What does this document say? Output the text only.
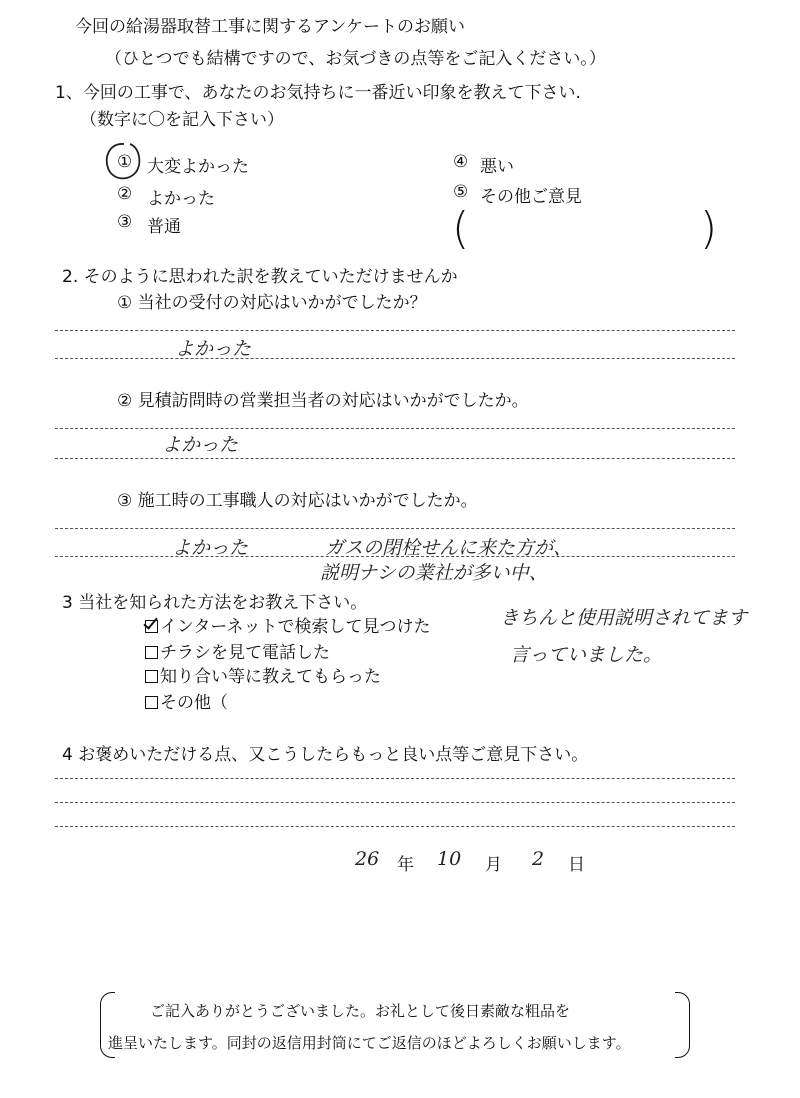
今回の給湯器取替工事に関するアンケートのお願い
（ひとつでも結構ですので、お気づきの点等をご記入ください。）
1、今回の工事で、あなたのお気持ちに一番近い印象を教えて下さい.
（数字に〇を記入下さい）
① 大変よかった
② よかった
③ 普通
④ 悪い
⑤ その他ご意見
(	)
2. そのように思われた訳を教えていただけませんか
① 当社の受付の対応はいかがでしたか？
よかった
② 見積訪問時の営業担当者の対応はいかがでしたか。
よかった
③ 施工時の工事職人の対応はいかがでしたか。
よかった	ガスの閉栓せんに来た方が、
説明ナシの業社が多い中、
きちんと使用説明されてます
言っていました。
3 当社を知られた方法をお教え下さい。
インターネットで検索して見つけた
チラシを見て電話した
知り合い等に教えてもらった
その他（
4 お褒めいただける点、又こうしたらもっと良い点等ご意見下さい。
26 年 10 月 2 日
ご記入ありがとうございました。お礼として後日素敵な粗品を
進呈いたします。同封の返信用封筒にてご返信のほどよろしくお願いします。
